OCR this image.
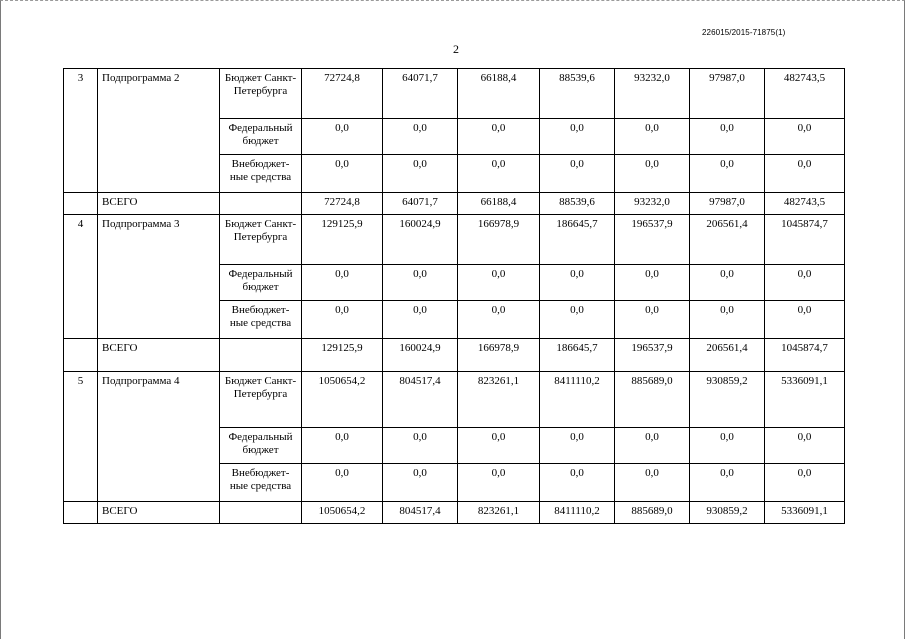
226015/2015-71875(1)
2
3	Подпрограмма 2	Бюджет Санкт-Петербурга	72724,8	64071,7	66188,4	88539,6	93232,0	97987,0	482743,5
		Федеральный бюджет	0,0	0,0	0,0	0,0	0,0	0,0	0,0
		Внебюджет-ные средства	0,0	0,0	0,0	0,0	0,0	0,0	0,0
	ВСЕГО		72724,8	64071,7	66188,4	88539,6	93232,0	97987,0	482743,5
4	Подпрограмма 3	Бюджет Санкт-Петербурга	129125,9	160024,9	166978,9	186645,7	196537,9	206561,4	1045874,7
		Федеральный бюджет	0,0	0,0	0,0	0,0	0,0	0,0	0,0
		Внебюджет-ные средства	0,0	0,0	0,0	0,0	0,0	0,0	0,0
	ВСЕГО		129125,9	160024,9	166978,9	186645,7	196537,9	206561,4	1045874,7
5	Подпрограмма 4	Бюджет Санкт-Петербурга	1050654,2	804517,4	823261,1	8411110,2	885689,0	930859,2	5336091,1
		Федеральный бюджет	0,0	0,0	0,0	0,0	0,0	0,0	0,0
		Внебюджет-ные средства	0,0	0,0	0,0	0,0	0,0	0,0	0,0
	ВСЕГО		1050654,2	804517,4	823261,1	8411110,2	885689,0	930859,2	5336091,1
